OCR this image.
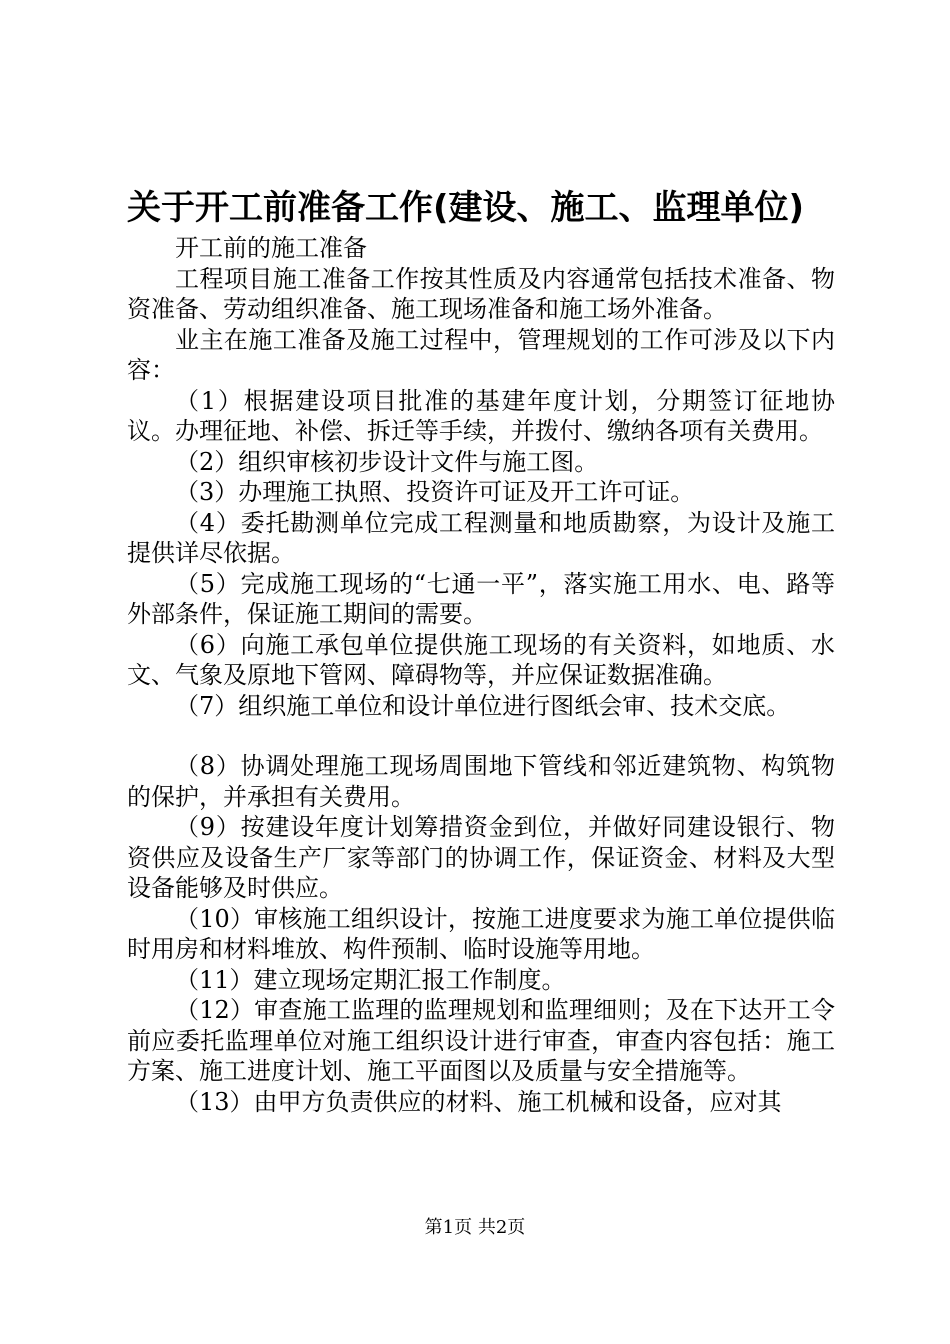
关于开工前准备工作(建设、施工、监理单位)

开工前的施工准备

工程项目施工准备工作按其性质及内容通常包括技术准备、物资准备、劳动组织准备、施工现场准备和施工场外准备。

业主在施工准备及施工过程中，管理规划的工作可涉及以下内容：

（1）根据建设项目批准的基建年度计划，分期签订征地协议。办理征地、补偿、拆迁等手续，并拨付、缴纳各项有关费用。

（2）组织审核初步设计文件与施工图。

（3）办理施工执照、投资许可证及开工许可证。

（4）委托勘测单位完成工程测量和地质勘察，为设计及施工提供详尽依据。

（5）完成施工现场的“七通一平”，落实施工用水、电、路等外部条件，保证施工期间的需要。

（6）向施工承包单位提供施工现场的有关资料，如地质、水文、气象及原地下管网、障碍物等，并应保证数据准确。

（7）组织施工单位和设计单位进行图纸会审、技术交底。

（8）协调处理施工现场周围地下管线和邻近建筑物、构筑物的保护，并承担有关费用。

（9）按建设年度计划筹措资金到位，并做好同建设银行、物资供应及设备生产厂家等部门的协调工作，保证资金、材料及大型设备能够及时供应。

（10）审核施工组织设计，按施工进度要求为施工单位提供临时用房和材料堆放、构件预制、临时设施等用地。

（11）建立现场定期汇报工作制度。

（12）审查施工监理的监理规划和监理细则；及在下达开工令前应委托监理单位对施工组织设计进行审查，审查内容包括：施工方案、施工进度计划、施工平面图以及质量与安全措施等。

（13）由甲方负责供应的材料、施工机械和设备，应对其

第1页 共2页
